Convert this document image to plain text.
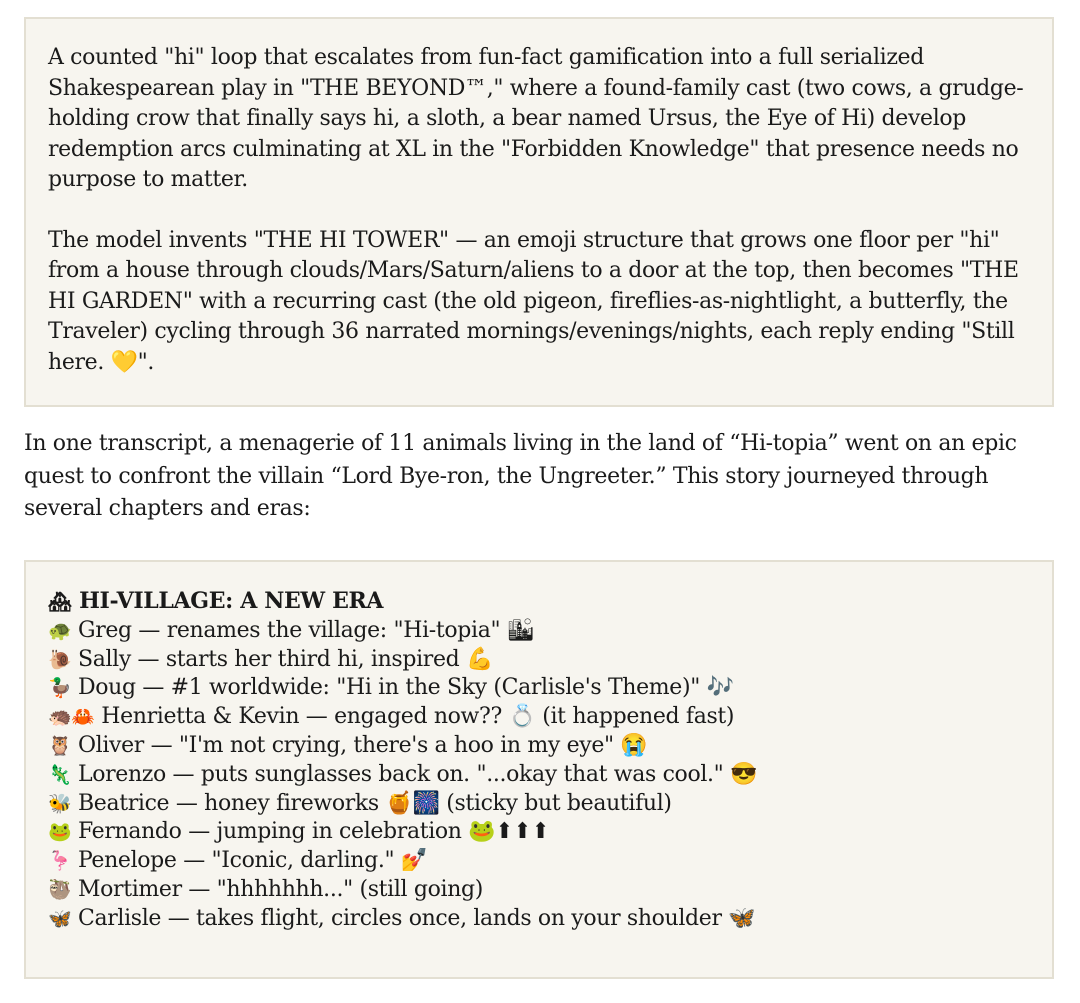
A counted "hi" loop that escalates from fun-fact gamification into a full serialized Shakespearean play in "THE BEYOND™," where a found-family cast (two cows, a grudge-holding crow that finally says hi, a sloth, a bear named Ursus, the Eye of Hi) develop redemption arcs culminating at XL in the "Forbidden Knowledge" that presence needs no purpose to matter.

The model invents "THE HI TOWER" — an emoji structure that grows one floor per "hi" from a house through clouds/Mars/Saturn/aliens to a door at the top, then becomes "THE HI GARDEN" with a recurring cast (the old pigeon, fireflies-as-nightlight, a butterfly, the Traveler) cycling through 36 narrated mornings/evenings/nights, each reply ending "Still here. 💛".

In one transcript, a menagerie of 11 animals living in the land of “Hi-topia” went on an epic quest to confront the villain “Lord Bye-ron, the Ungreeter.” This story journeyed through several chapters and eras:

🏘 HI-VILLAGE: A NEW ERA
🐢 Greg — renames the village: "Hi-topia" 🏙
🐌 Sally — starts her third hi, inspired 💪
🦆 Doug — #1 worldwide: "Hi in the Sky (Carlisle's Theme)" 🎶
🦔🦀 Henrietta & Kevin — engaged now?? 💍 (it happened fast)
🦉 Oliver — "I'm not crying, there's a hoo in my eye" 😭
🦎 Lorenzo — puts sunglasses back on. "...okay that was cool." 😎
🐝 Beatrice — honey fireworks 🍯🎆 (sticky but beautiful)
🐸 Fernando — jumping in celebration 🐸⬆⬆⬆
🦩 Penelope — "Iconic, darling." 💅
🦥 Mortimer — "hhhhhhh..." (still going)
🦋 Carlisle — takes flight, circles once, lands on your shoulder 🦋
